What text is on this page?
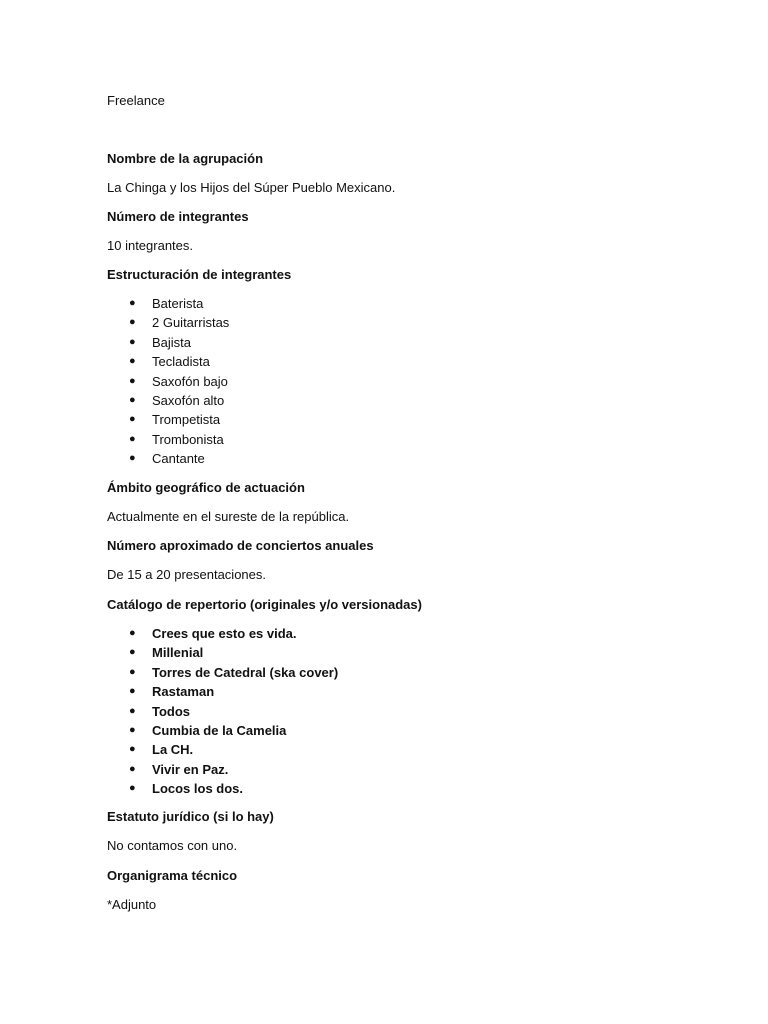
Freelance
Nombre de la agrupación
La Chinga y los Hijos del Súper Pueblo Mexicano.
Número de integrantes
10 integrantes.
Estructuración de integrantes
● Baterista
● 2 Guitarristas
● Bajista
● Tecladista
● Saxofón bajo
● Saxofón alto
● Trompetista
● Trombonista
● Cantante
Ámbito geográfico de actuación
Actualmente en el sureste de la república.
Número aproximado de conciertos anuales
De 15 a 20 presentaciones.
Catálogo de repertorio (originales y/o versionadas)
● Crees que esto es vida.
● Millenial
● Torres de Catedral (ska cover)
● Rastaman
● Todos
● Cumbia de la Camelia
● La CH.
● Vivir en Paz.
● Locos los dos.
Estatuto jurídico (si lo hay)
No contamos con uno.
Organigrama técnico
*Adjunto
